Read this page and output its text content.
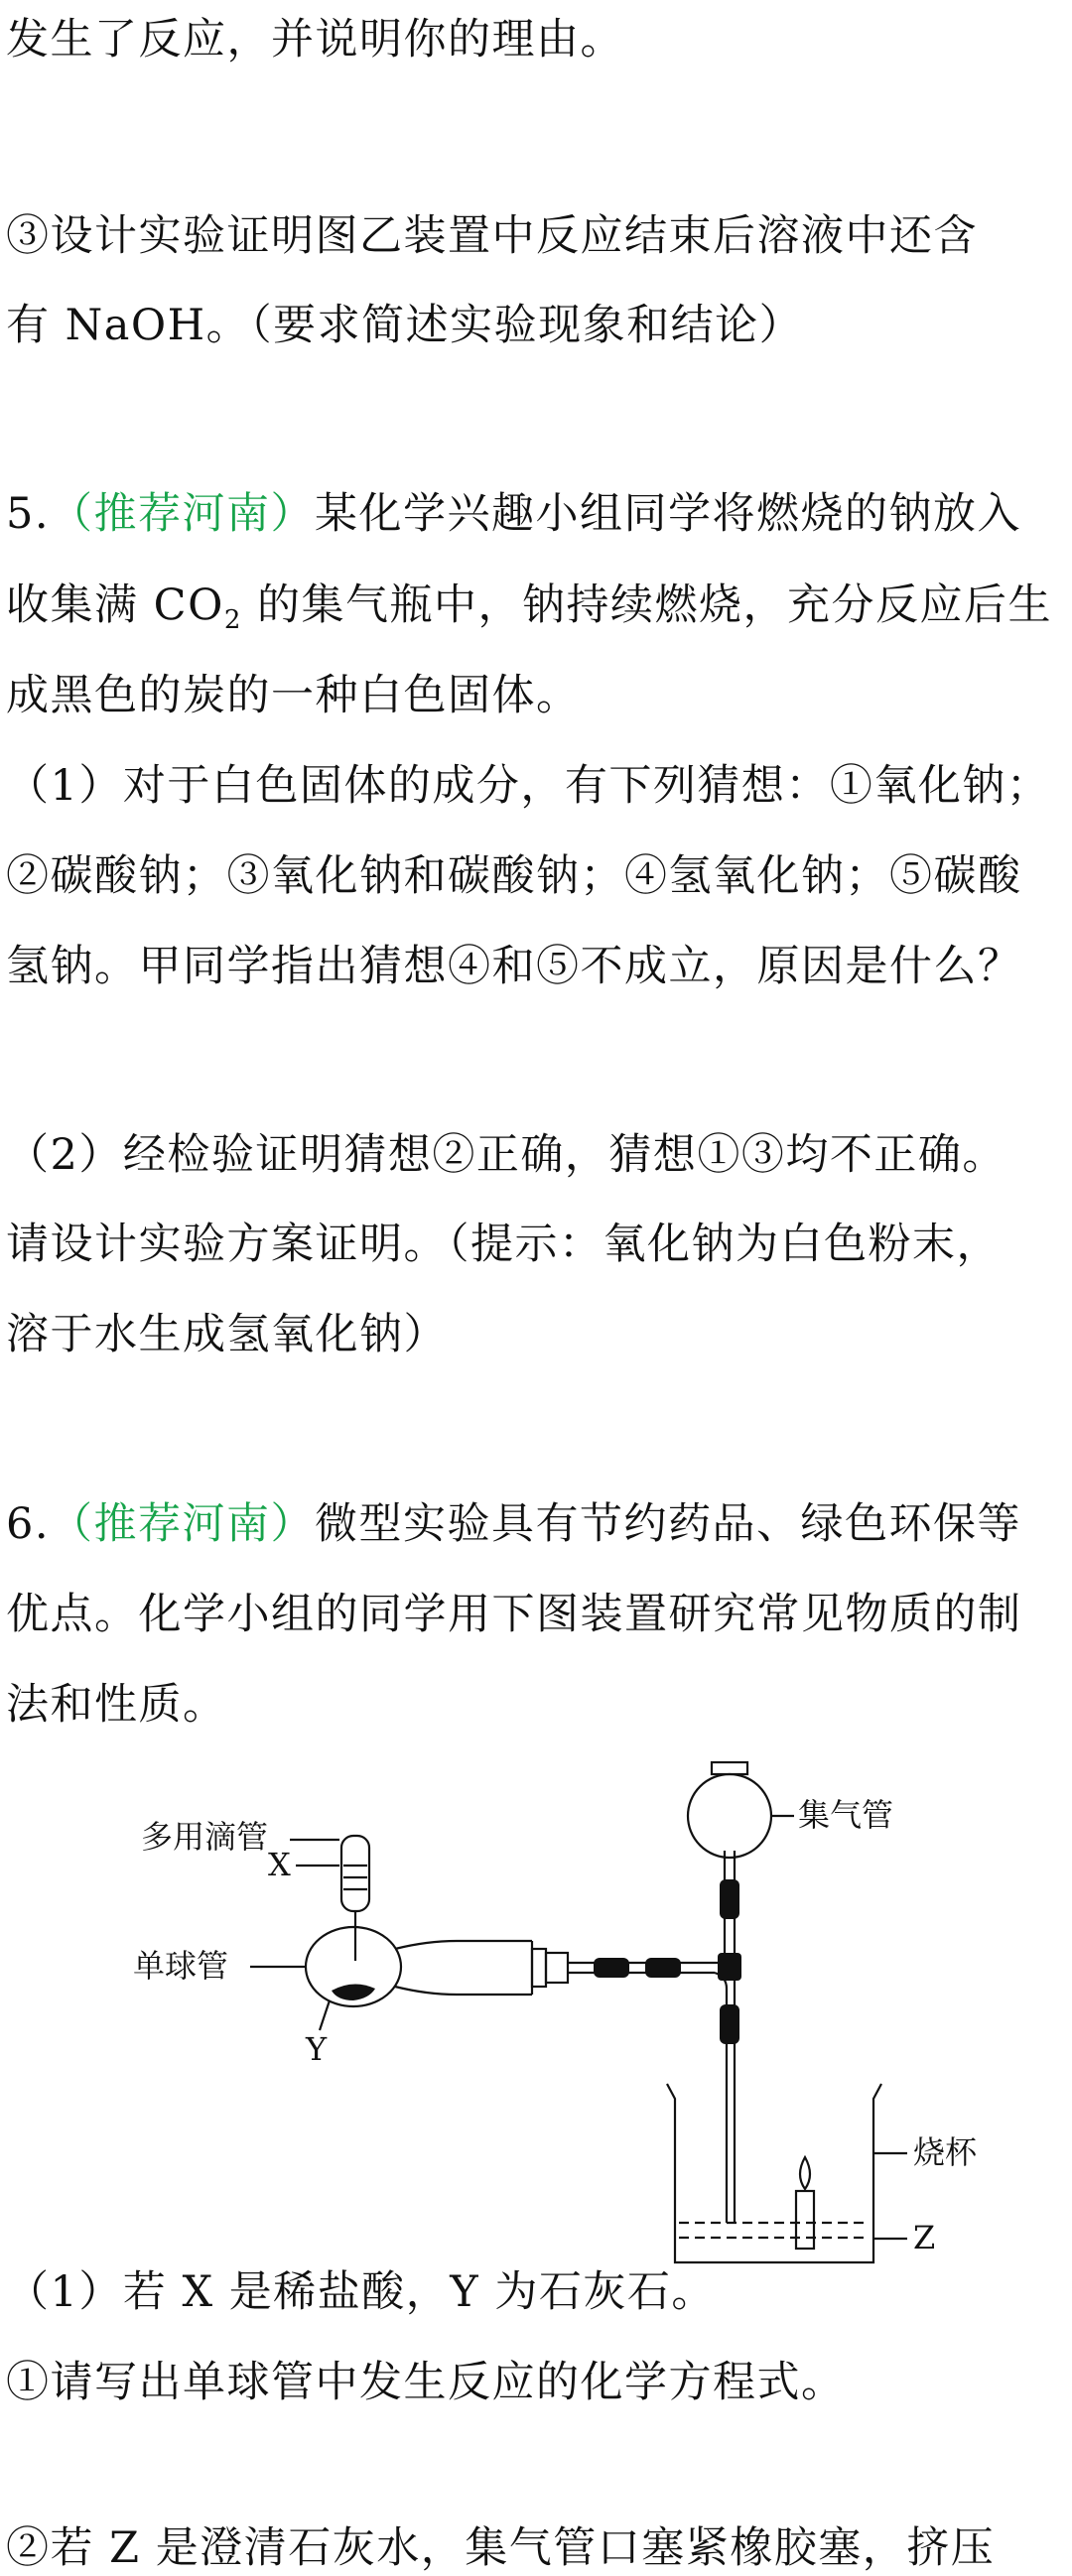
发生了反应，并说明你的理由。
③设计实验证明图乙装置中反应结束后溶液中还含
有 NaOH。（要求简述实验现象和结论）
5.（推荐河南）某化学兴趣小组同学将燃烧的钠放入
收集满 $CO_2$ 的集气瓶中，钠持续燃烧，充分反应后生
成黑色的炭的一种白色固体。
（1）对于白色固体的成分，有下列猜想：①氧化钠；
②碳酸钠；③氧化钠和碳酸钠；④氢氧化钠；⑤碳酸
氢钠。甲同学指出猜想④和⑤不成立，原因是什么？
（2）经检验证明猜想②正确，猜想①③均不正确。
请设计实验方案证明。（提示：氧化钠为白色粉末，
溶于水生成氢氧化钠）
6.（推荐河南）微型实验具有节约药品、绿色环保等
优点。化学小组的同学用下图装置研究常见物质的制
法和性质。
多用滴管
X
单球管
Y
集气管
烧杯
Z
（1）若 X 是稀盐酸，Y 为石灰石。
①请写出单球管中发生反应的化学方程式。
②若 Z 是澄清石灰水，集气管口塞紧橡胶塞，挤压
